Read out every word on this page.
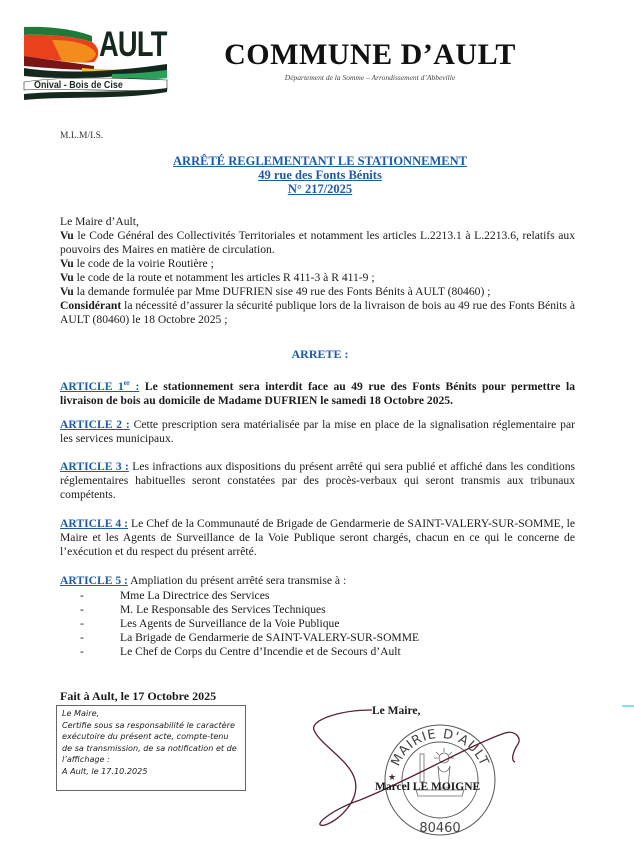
AULT
Onival - Bois de Cise
COMMUNE D’AULT
Département de la Somme – Arrondissement d’Abbeville
M.L.M/I.S.
ARRÊTÉ REGLEMENTANT LE STATIONNEMENT
49 rue des Fonts Bénits
N° 217/2025
Le Maire d’Ault,
Vu le Code Général des Collectivités Territoriales et notamment les articles L.2213.1 à L.2213.6, relatifs aux pouvoirs des Maires en matière de circulation.
Vu le code de la voirie Routière ;
Vu le code de la route et notamment les articles R 411-3 à R 411-9 ;
Vu la demande formulée par Mme DUFRIEN sise 49 rue des Fonts Bénits à AULT (80460) ;
Considérant la nécessité d’assurer la sécurité publique lors de la livraison de bois au 49 rue des Fonts Bénits à AULT (80460) le 18 Octobre 2025 ;
ARRETE :
ARTICLE 1er : Le stationnement sera interdit face au 49 rue des Fonts Bénits pour permettre la livraison de bois au domicile de Madame DUFRIEN le samedi 18 Octobre 2025.
ARTICLE 2 : Cette prescription sera matérialisée par la mise en place de la signalisation réglementaire par les services municipaux.
ARTICLE 3 : Les infractions aux dispositions du présent arrêté qui sera publié et affiché dans les conditions réglementaires habituelles seront constatées par des procès-verbaux qui seront transmis aux tribunaux compétents.
ARTICLE 4 : Le Chef de la Communauté de Brigade de Gendarmerie de SAINT-VALERY-SUR-SOMME, le Maire et les Agents de Surveillance de la Voie Publique seront chargés, chacun en ce qui le concerne de l’exécution et du respect du présent arrêté.
ARTICLE 5 : Ampliation du présent arrêté sera transmise à :
-	Mme La Directrice des Services
-	M. Le Responsable des Services Techniques
-	Les Agents de Surveillance de la Voie Publique
-	La Brigade de Gendarmerie de SAINT-VALERY-SUR-SOMME
-	Le Chef de Corps du Centre d’Incendie et de Secours d’Ault
Fait à Ault, le 17 Octobre 2025
Le Maire,
Certifie sous sa responsabilité le caractère
exécutoire du présent acte, compte-tenu
de sa transmission, de sa notification et de
l’affichage :
A Ault, le 17.10.2025
MAIRIE D'AULT
80460
★
Le Maire,
Marcel LE MOIGNE
